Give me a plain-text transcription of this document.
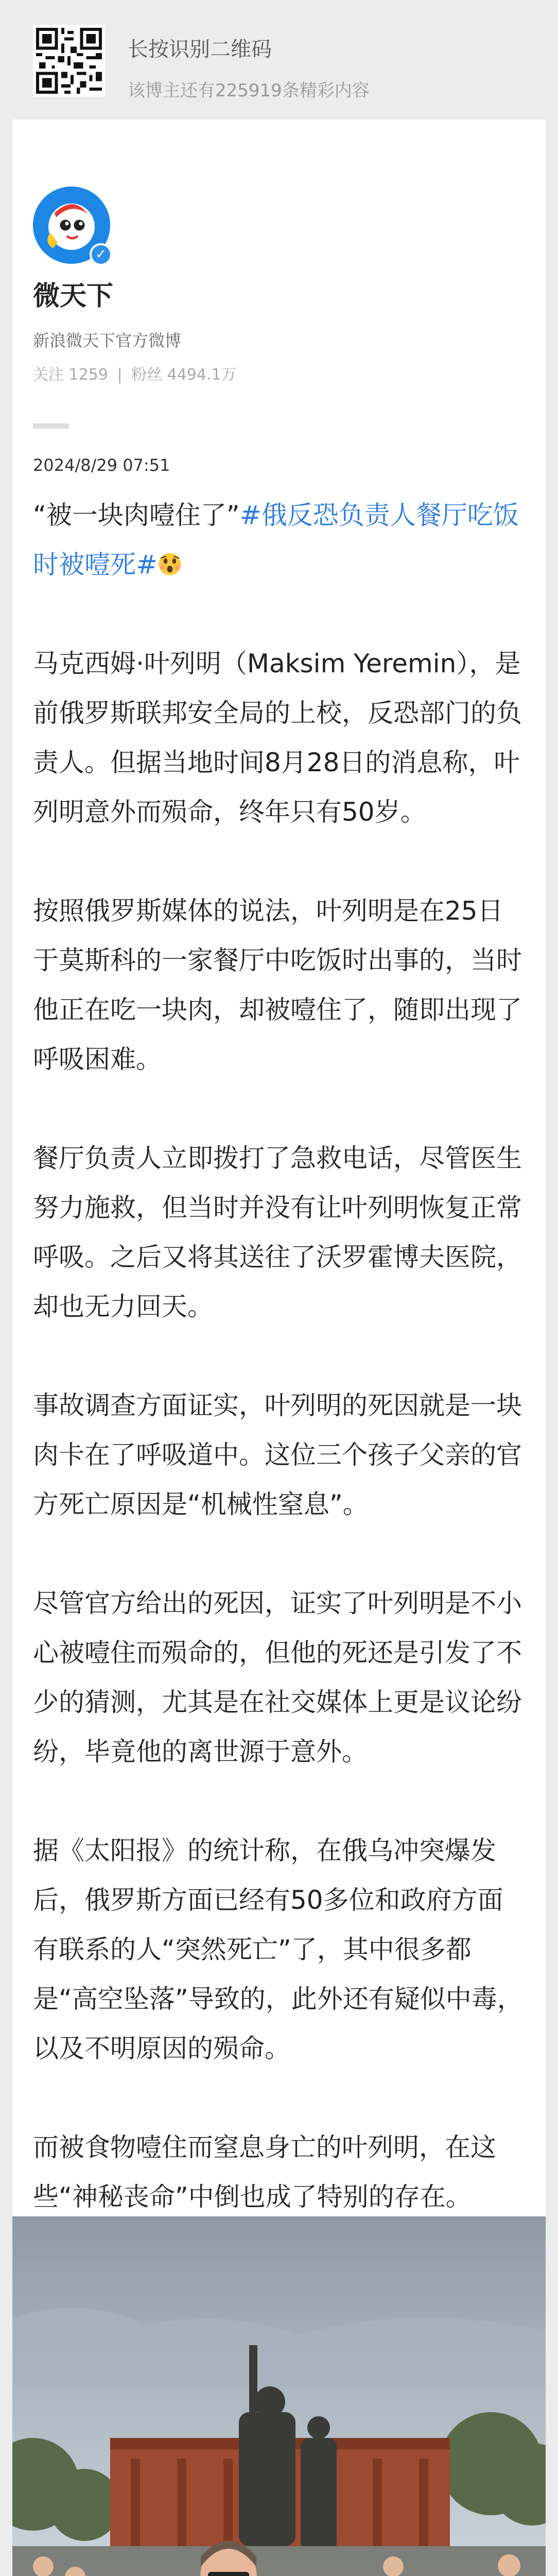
长按识别二维码
该博主还有225919条精彩内容
✓
微天下
新浪微天下官方微博
关注 1259 | 粉丝 4494.1万
2024/8/29 07:51

“被一块肉噎住了”#俄反恐负责人餐厅吃饭时被噎死#

马克西姆·叶列明（Maksim Yeremin），是前俄罗斯联邦安全局的上校，反恐部门的负责人。但据当地时间8月28日的消息称，叶列明意外而殒命，终年只有50岁。

按照俄罗斯媒体的说法，叶列明是在25日于莫斯科的一家餐厅中吃饭时出事的，当时他正在吃一块肉，却被噎住了，随即出现了呼吸困难。

餐厅负责人立即拨打了急救电话，尽管医生努力施救，但当时并没有让叶列明恢复正常呼吸。之后又将其送往了沃罗霍博夫医院，却也无力回天。

事故调查方面证实，叶列明的死因就是一块肉卡在了呼吸道中。这位三个孩子父亲的官方死亡原因是“机械性窒息”。

尽管官方给出的死因，证实了叶列明是不小心被噎住而殒命的，但他的死还是引发了不少的猜测，尤其是在社交媒体上更是议论纷纷，毕竟他的离世源于意外。

据《太阳报》的统计称，在俄乌冲突爆发后，俄罗斯方面已经有50多位和政府方面有联系的人“突然死亡”了，其中很多都是“高空坠落”导致的，此外还有疑似中毒，以及不明原因的殒命。

而被食物噎住而窒息身亡的叶列明，在这些“神秘丧命”中倒也成了特别的存在。
